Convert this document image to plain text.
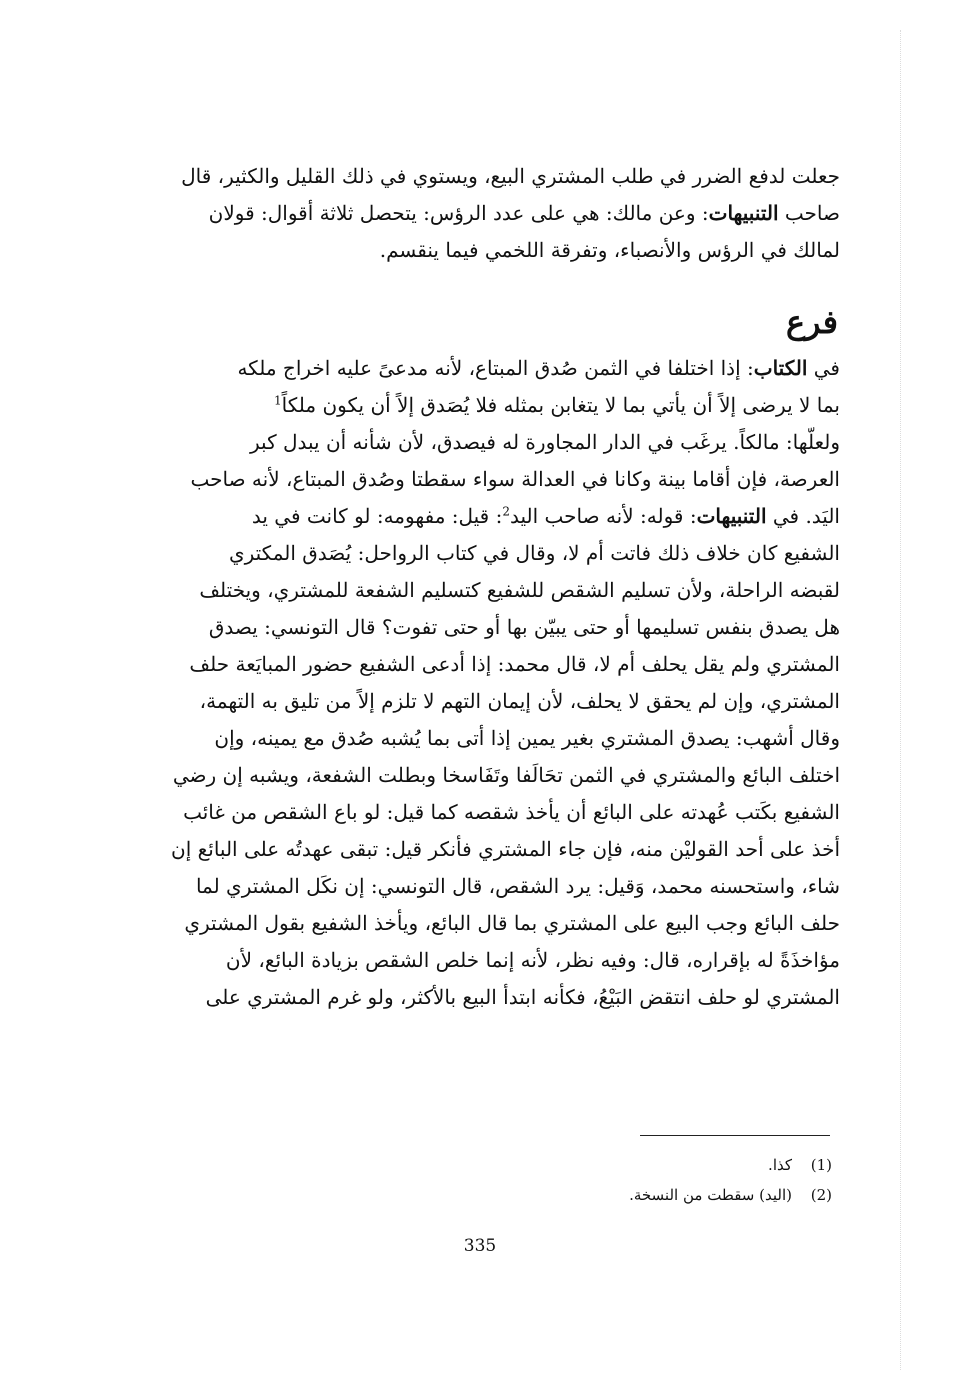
جعلت لدفع الضرر في طلب المشتري البيع، ويستوي في ذلك القليل والكثير، قال
صاحب التنبيهات: وعن مالك: هي على عدد الرؤس: يتحصل ثلاثة أقوال: قولان
لمالك في الرؤس والأنصباء، وتفرقة اللخمي فيما ينقسم.
فرع
في الكتاب: إذا اختلفا في الثمن صُدق المبتاع، لأنه مدعىً عليه اخراج ملكه
بما لا يرضى إلاً أن يأتي بما لا يتغابن بمثله فلا يُصَدق إلاً أن يكون ملكاً$^1$
ولعلّها: مالكاً. يرغَب في الدار المجاورة له فيصدق، لأن شأنه أن يبدل كبر
العرصة، فإن أقاما بينة وكانا في العدالة سواء سقطتا وصُدق المبتاع، لأنه صاحب
اليَد. في التنبيهات: قوله: لأنه صاحب اليد$^2$: قيل: مفهومه: لو كانت في يد
الشفيع كان خلاف ذلك فاتت أم لا، وقال في كتاب الرواحل: يُصَدق المكتري
لقبضه الراحلة، ولأن تسليم الشقص للشفيع كتسليم الشفعة للمشتري، ويختلف
هل يصدق بنفس تسليمها أو حتى يبيّن بها أو حتى تفوت؟ قال التونسي: يصدق
المشتري ولم يقل يحلف أم لا، قال محمد: إذا أدعى الشفيع حضور المبايَعة حلف
المشتري، وإن لم يحقق لا يحلف، لأن إيمان التهم لا تلزم إلاً من تليق به التهمة،
وقال أشهب: يصدق المشتري بغير يمين إذا أتى بما يُشبه صُدق مع يمينه، وإن
اختلف البائع والمشتري في الثمن تحَالَفا وتَفَاسخا وبطلت الشفعة، ويشبه إن رضي
الشفيع بكَتب عُهدته على البائع أن يأخذ شقصه كما قيل: لو باع الشقص من غائب
أخذ على أحد القوليْن منه، فإن جاء المشتري فأنكر قيل: تبقى عهدتُه على البائع إن
شاء، واستحسنه محمد، وَقيل: يرد الشقص، قال التونسي: إن نكَل المشتري لما
حلف البائع وجب البيع على المشتري بما قال البائع، ويأخذ الشفيع بقول المشتري
مؤاخذَةً له بإقراره، قال: وفيه نظر، لأنه إنما خلص الشقص بزيادة البائع، لأن
المشتري لو حلف انتقض البَيْعُ، فكأنه ابتدأ البيع بالأكثر، ولو غرم المشتري على
(1)كذا.
(2)(اليد) سقطت من النسخة.
335
